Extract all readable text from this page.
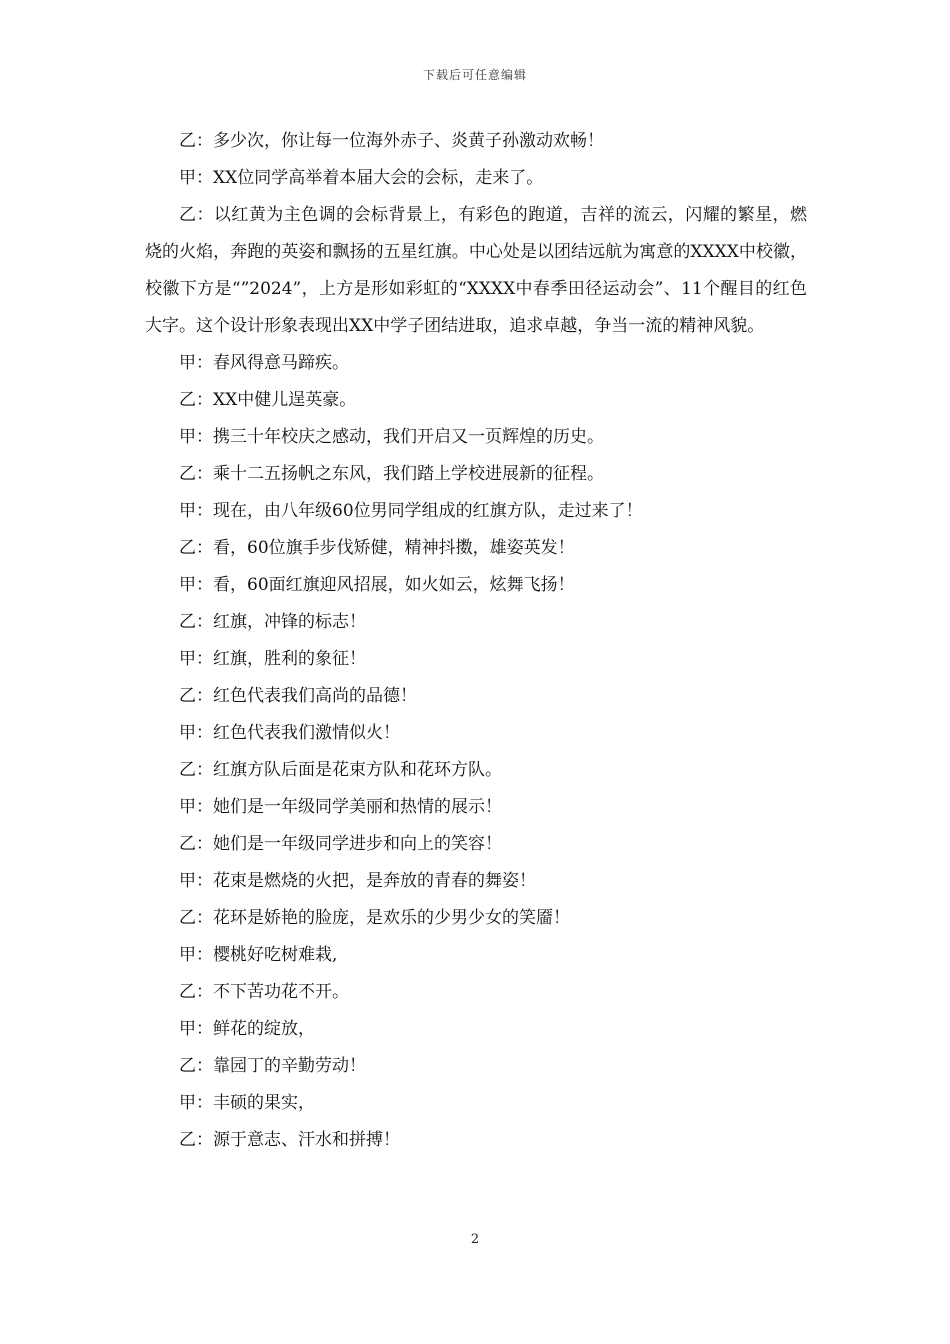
下载后可任意编辑

乙：多少次，你让每一位海外赤子、炎黄子孙激动欢畅！

甲：XX位同学高举着本届大会的会标，走来了。

乙：以红黄为主色调的会标背景上，有彩色的跑道，吉祥的流云，闪耀的繁星，燃烧的火焰，奔跑的英姿和飘扬的五星红旗。中心处是以团结远航为寓意的XXXX中校徽，校徽下方是“”2024”，上方是形如彩虹的“XXXX中春季田径运动会”、11个醒目的红色大字。这个设计形象表现出XX中学子团结进取，追求卓越，争当一流的精神风貌。

甲：春风得意马蹄疾。

乙：XX中健儿逞英豪。

甲：携三十年校庆之感动，我们开启又一页辉煌的历史。

乙：乘十二五扬帆之东风，我们踏上学校进展新的征程。

甲：现在，由八年级60位男同学组成的红旗方队，走过来了！

乙：看，60位旗手步伐矫健，精神抖擞，雄姿英发！

甲：看，60面红旗迎风招展，如火如云，炫舞飞扬！

乙：红旗，冲锋的标志！

甲：红旗，胜利的象征！

乙：红色代表我们高尚的品德！

甲：红色代表我们激情似火！

乙：红旗方队后面是花束方队和花环方队。

甲：她们是一年级同学美丽和热情的展示！

乙：她们是一年级同学进步和向上的笑容！

甲：花束是燃烧的火把，是奔放的青春的舞姿！

乙：花环是娇艳的脸庞，是欢乐的少男少女的笑靥！

甲：樱桃好吃树难栽,

乙：不下苦功花不开。

甲：鲜花的绽放，

乙：靠园丁的辛勤劳动！

甲：丰硕的果实，

乙：源于意志、汗水和拼搏！

2
